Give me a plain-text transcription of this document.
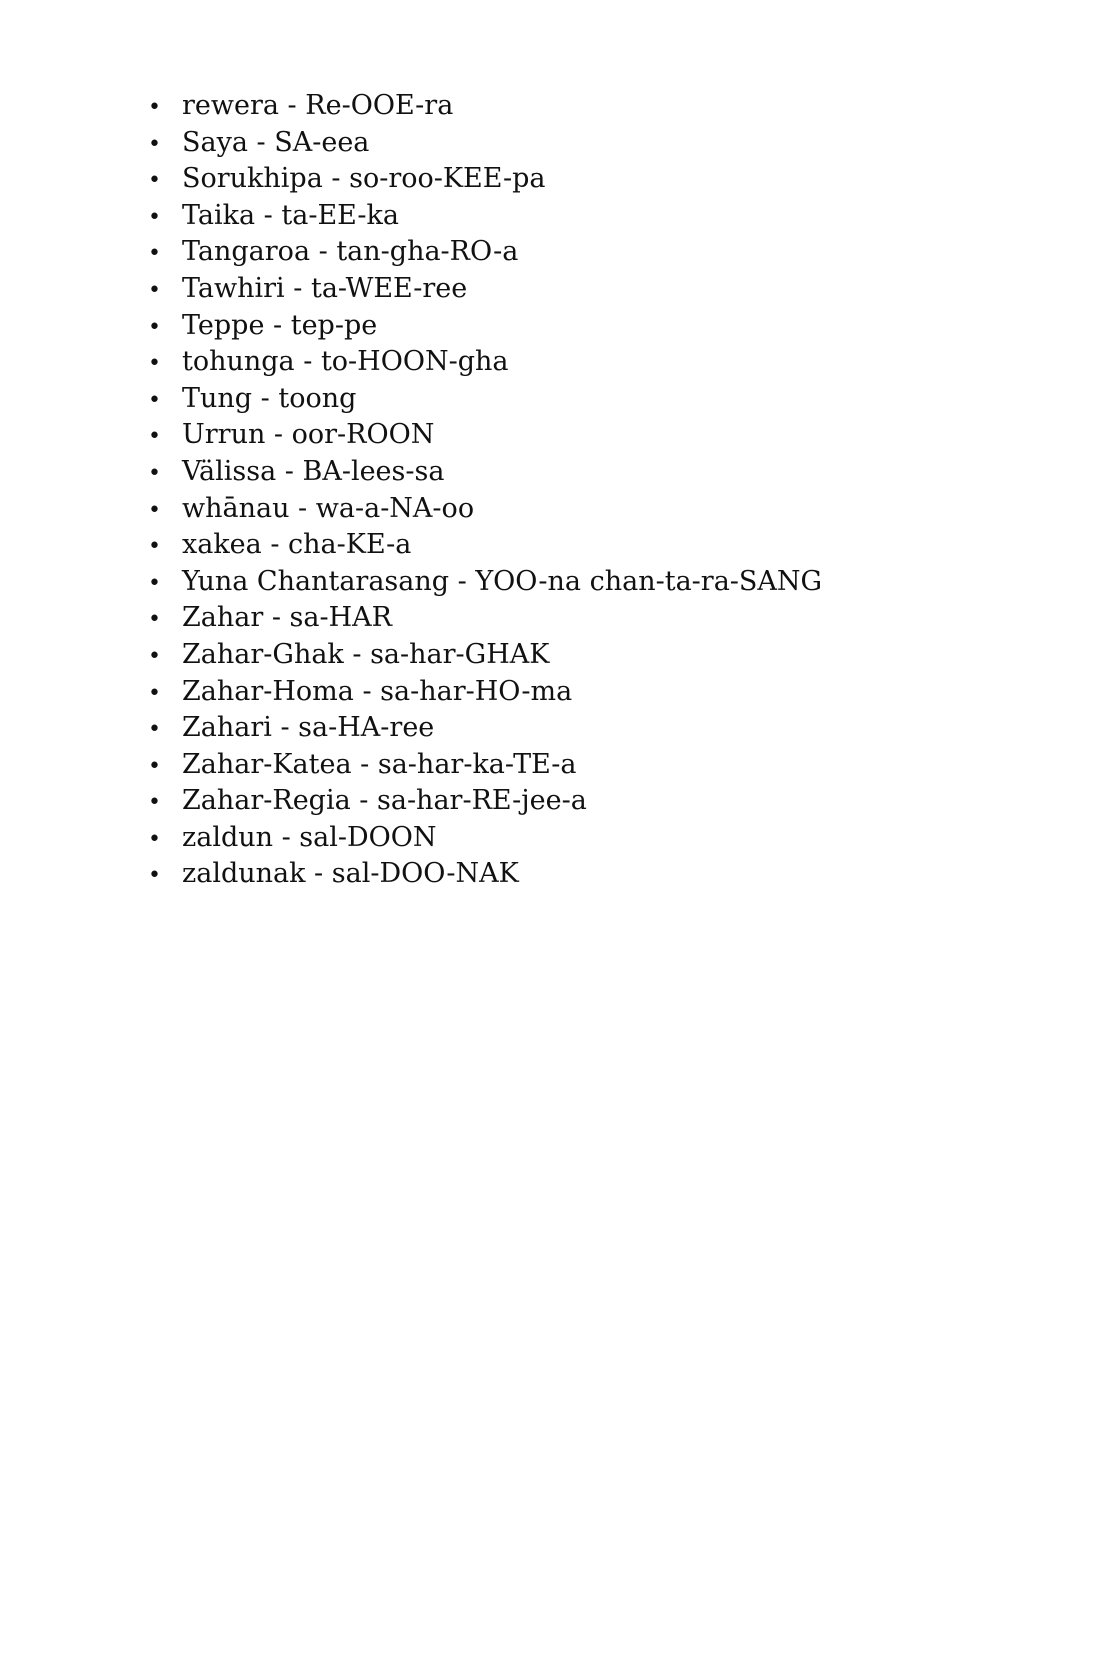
• rewera - Re-OOE-ra
• Saya - SA-eea
• Sorukhipa - so-roo-KEE-pa
• Taika - ta-EE-ka
• Tangaroa - tan-gha-RO-a
• Tawhiri - ta-WEE-ree
• Teppe - tep-pe
• tohunga - to-HOON-gha
• Tung - toong
• Urrun - oor-ROON
• Välissa - BA-lees-sa
• whānau - wa-a-NA-oo
• xakea - cha-KE-a
• Yuna Chantarasang - YOO-na chan-ta-ra-SANG
• Zahar - sa-HAR
• Zahar-Ghak - sa-har-GHAK
• Zahar-Homa - sa-har-HO-ma
• Zahari - sa-HA-ree
• Zahar-Katea - sa-har-ka-TE-a
• Zahar-Regia - sa-har-RE-jee-a
• zaldun - sal-DOON
• zaldunak - sal-DOO-NAK
